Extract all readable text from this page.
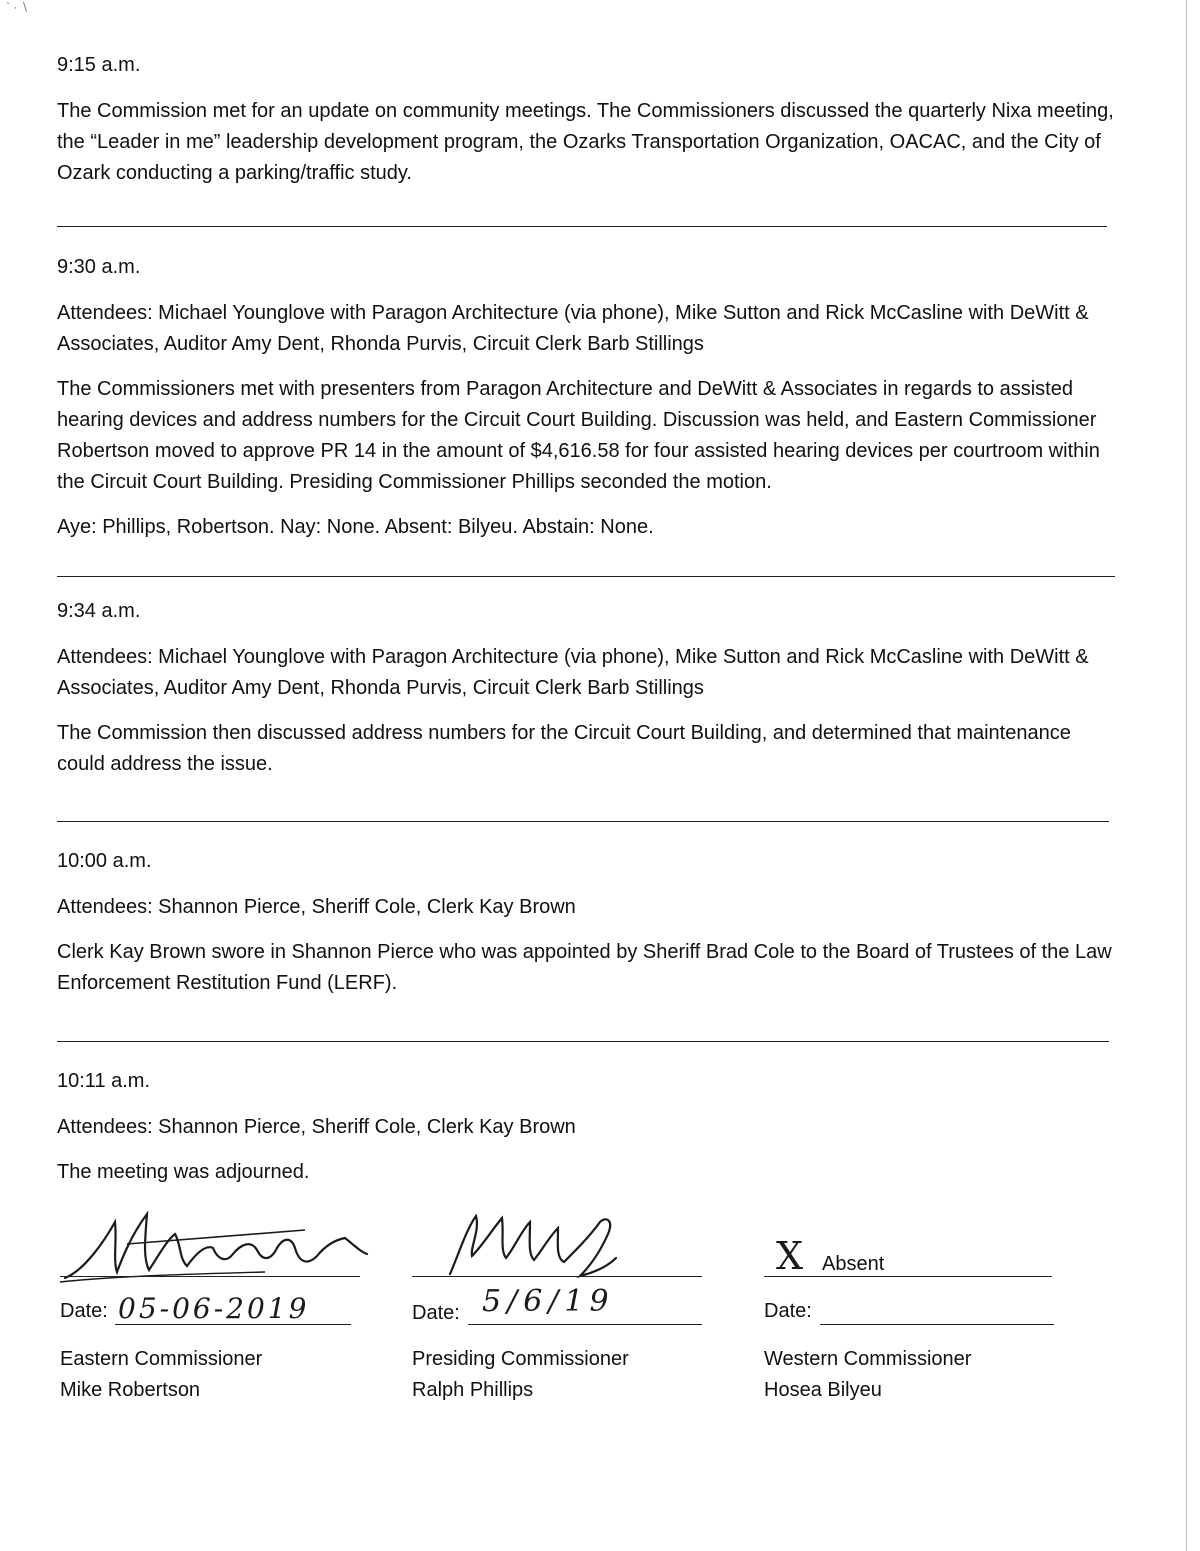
ˋ · ∖

9:15 a.m.

The Commission met for an update on community meetings. The Commissioners discussed the quarterly Nixa meeting, the “Leader in me” leadership development program, the Ozarks Transportation Organization, OACAC, and the City of Ozark conducting a parking/traffic study.

9:30 a.m.

Attendees: Michael Younglove with Paragon Architecture (via phone), Mike Sutton and Rick McCasline with DeWitt & Associates, Auditor Amy Dent, Rhonda Purvis, Circuit Clerk Barb Stillings

The Commissioners met with presenters from Paragon Architecture and DeWitt & Associates in regards to assisted hearing devices and address numbers for the Circuit Court Building. Discussion was held, and Eastern Commissioner Robertson moved to approve PR 14 in the amount of $4,616.58 for four assisted hearing devices per courtroom within the Circuit Court Building. Presiding Commissioner Phillips seconded the motion.

Aye: Phillips, Robertson. Nay: None. Absent: Bilyeu. Abstain: None.

9:34 a.m.

Attendees: Michael Younglove with Paragon Architecture (via phone), Mike Sutton and Rick McCasline with DeWitt & Associates, Auditor Amy Dent, Rhonda Purvis, Circuit Clerk Barb Stillings

The Commission then discussed address numbers for the Circuit Court Building, and determined that maintenance could address the issue.

10:00 a.m.

Attendees: Shannon Pierce, Sheriff Cole, Clerk Kay Brown

Clerk Kay Brown swore in Shannon Pierce who was appointed by Sheriff Brad Cole to the Board of Trustees of the Law Enforcement Restitution Fund (LERF).

10:11 a.m.

Attendees: Shannon Pierce, Sheriff Cole, Clerk Kay Brown

The meeting was adjourned.

Date: 05-06-2019
Eastern Commissioner
Mike Robertson
Date: 5/6/19
Presiding Commissioner
Ralph Phillips
X Absent
Date:
Western Commissioner
Hosea Bilyeu
